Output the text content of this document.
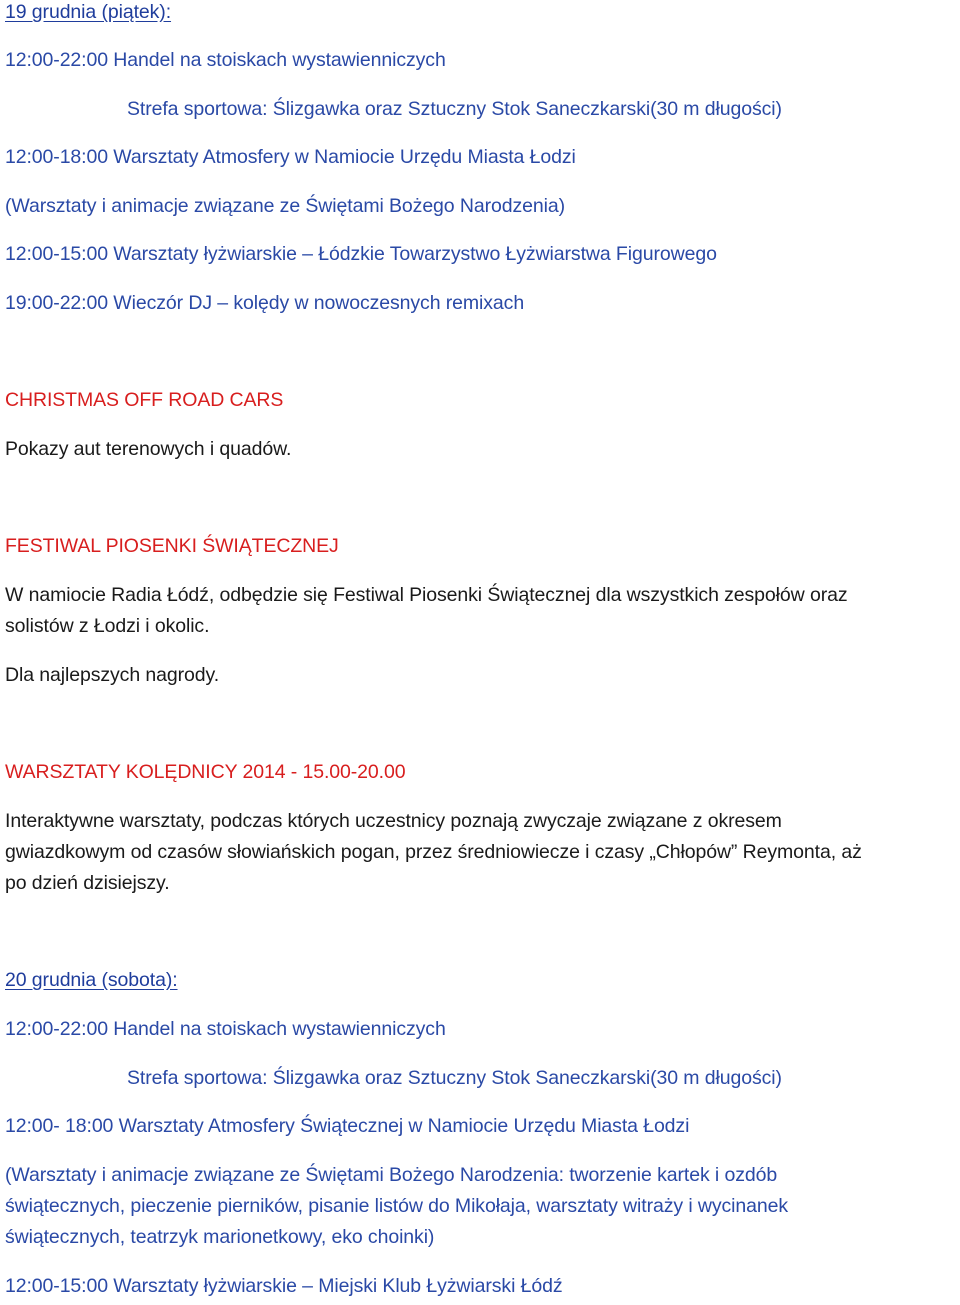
19 grudnia (piątek):
12:00-22:00 Handel na stoiskach wystawienniczych
Strefa sportowa: Ślizgawka oraz Sztuczny Stok Saneczkarski(30 m długości)
12:00-18:00 Warsztaty Atmosfery w Namiocie Urzędu Miasta Łodzi
(Warsztaty i animacje związane ze Świętami Bożego Narodzenia)
12:00-15:00 Warsztaty łyżwiarskie – Łódzkie Towarzystwo Łyżwiarstwa Figurowego
19:00-22:00 Wieczór DJ – kolędy w nowoczesnych remixach
CHRISTMAS OFF ROAD CARS
Pokazy aut terenowych i quadów.
FESTIWAL PIOSENKI ŚWIĄTECZNEJ
W namiocie Radia Łódź, odbędzie się Festiwal Piosenki Świątecznej dla wszystkich zespołów oraz
solistów z Łodzi i okolic.
Dla najlepszych nagrody.
WARSZTATY KOLĘDNICY 2014 - 15.00-20.00
Interaktywne warsztaty, podczas których uczestnicy poznają zwyczaje związane z okresem
gwiazdkowym od czasów słowiańskich pogan, przez średniowiecze i czasy „Chłopów” Reymonta, aż
po dzień dzisiejszy.
20 grudnia (sobota):
12:00-22:00 Handel na stoiskach wystawienniczych
Strefa sportowa: Ślizgawka oraz Sztuczny Stok Saneczkarski(30 m długości)
12:00- 18:00 Warsztaty Atmosfery Świątecznej w Namiocie Urzędu Miasta Łodzi
(Warsztaty i animacje związane ze Świętami Bożego Narodzenia: tworzenie kartek i ozdób
świątecznych, pieczenie pierników, pisanie listów do Mikołaja, warsztaty witraży i wycinanek
świątecznych, teatrzyk marionetkowy, eko choinki)
12:00-15:00 Warsztaty łyżwiarskie – Miejski Klub Łyżwiarski Łódź
